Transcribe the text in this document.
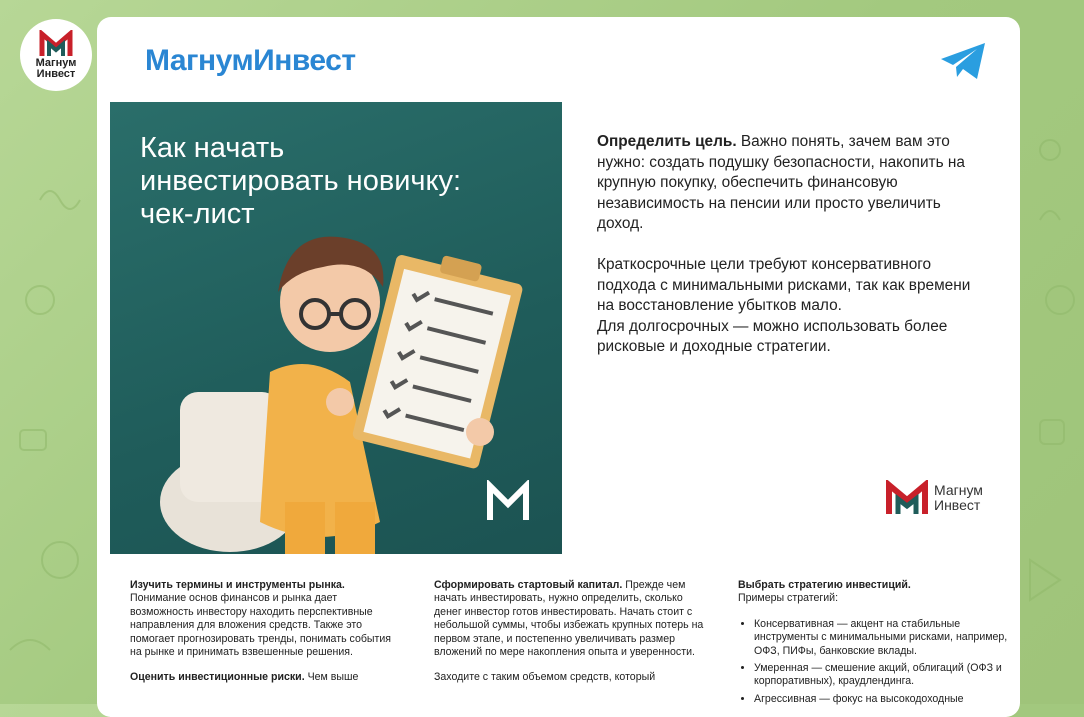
Магнум
Инвест МагнумИнвест
Как начать
инвестировать новичку:
чек-лист

Определить цель. Важно понять, зачем вам это нужно: создать подушку безопасности, накопить на крупную покупку, обеспечить финансовую независимость на пенсии или просто увеличить доход.

Краткосрочные цели требуют консервативного подхода с минимальными рисками, так как времени на восстановление убытков мало.

Для долгосрочных — можно использовать более рисковые и доходные стратегии.

Магнум
Инвест

Изучить термины и инструменты рынка.
Понимание основ финансов и рынка дает возможность инвестору находить перспективные направления для вложения средств. Также это помогает прогнозировать тренды, понимать события на рынке и принимать взвешенные решения.

Оценить инвестиционные риски. Чем выше

Сформировать стартовый капитал. Прежде чем начать инвестировать, нужно определить, сколько денег инвестор готов инвестировать. Начать стоит с небольшой суммы, чтобы избежать крупных потерь на первом этапе, и постепенно увеличивать размер вложений по мере накопления опыта и уверенности.

Заходите с таким объемом средств, который

Выбрать стратегию инвестиций.
Примеры стратегий:
• Консервативная — акцент на стабильные инструменты с минимальными рисками, например, ОФЗ, ПИФы, банковские вклады.
• Умеренная — смешение акций, облигаций (ОФЗ и корпоративных), краудлендинга.
• Агрессивная — фокус на высокодоходные
